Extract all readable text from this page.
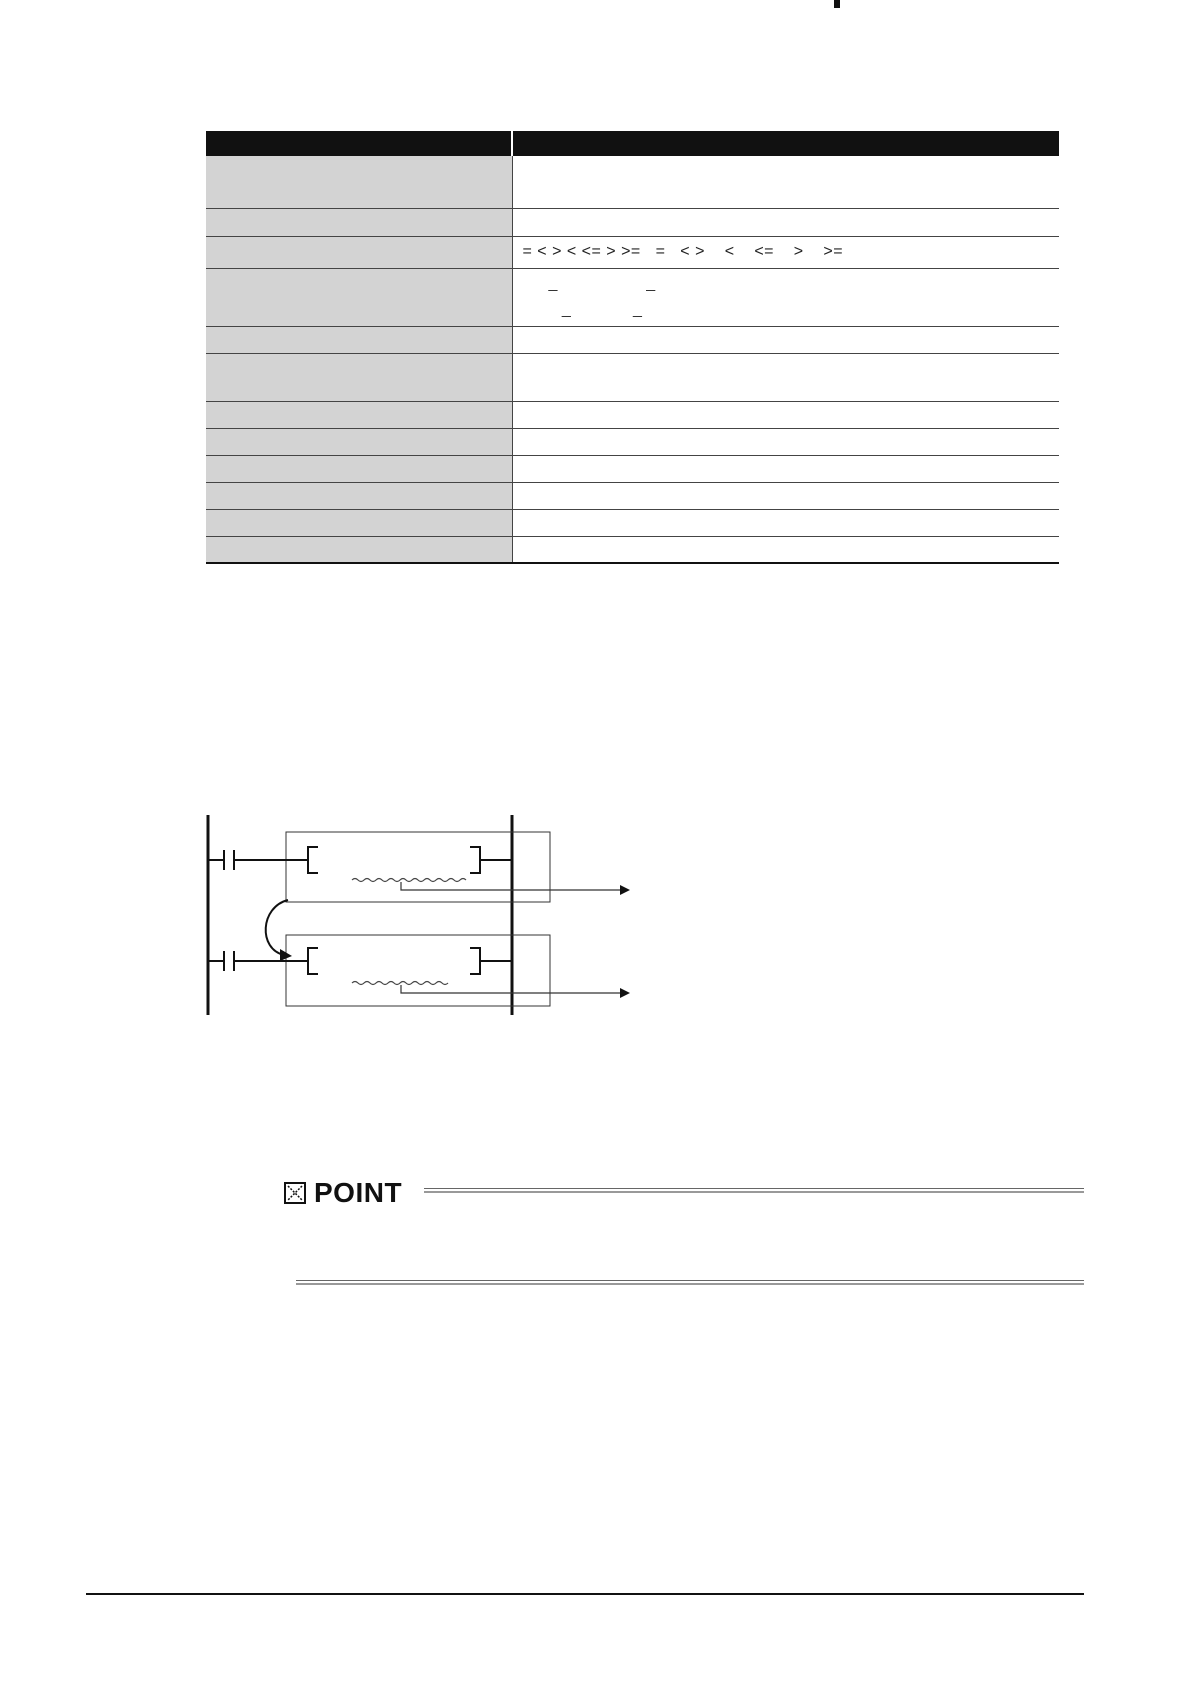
	= < > < <= > >=   =   < >    <    <=    >    >=

	_                    _
_              _

POINT
